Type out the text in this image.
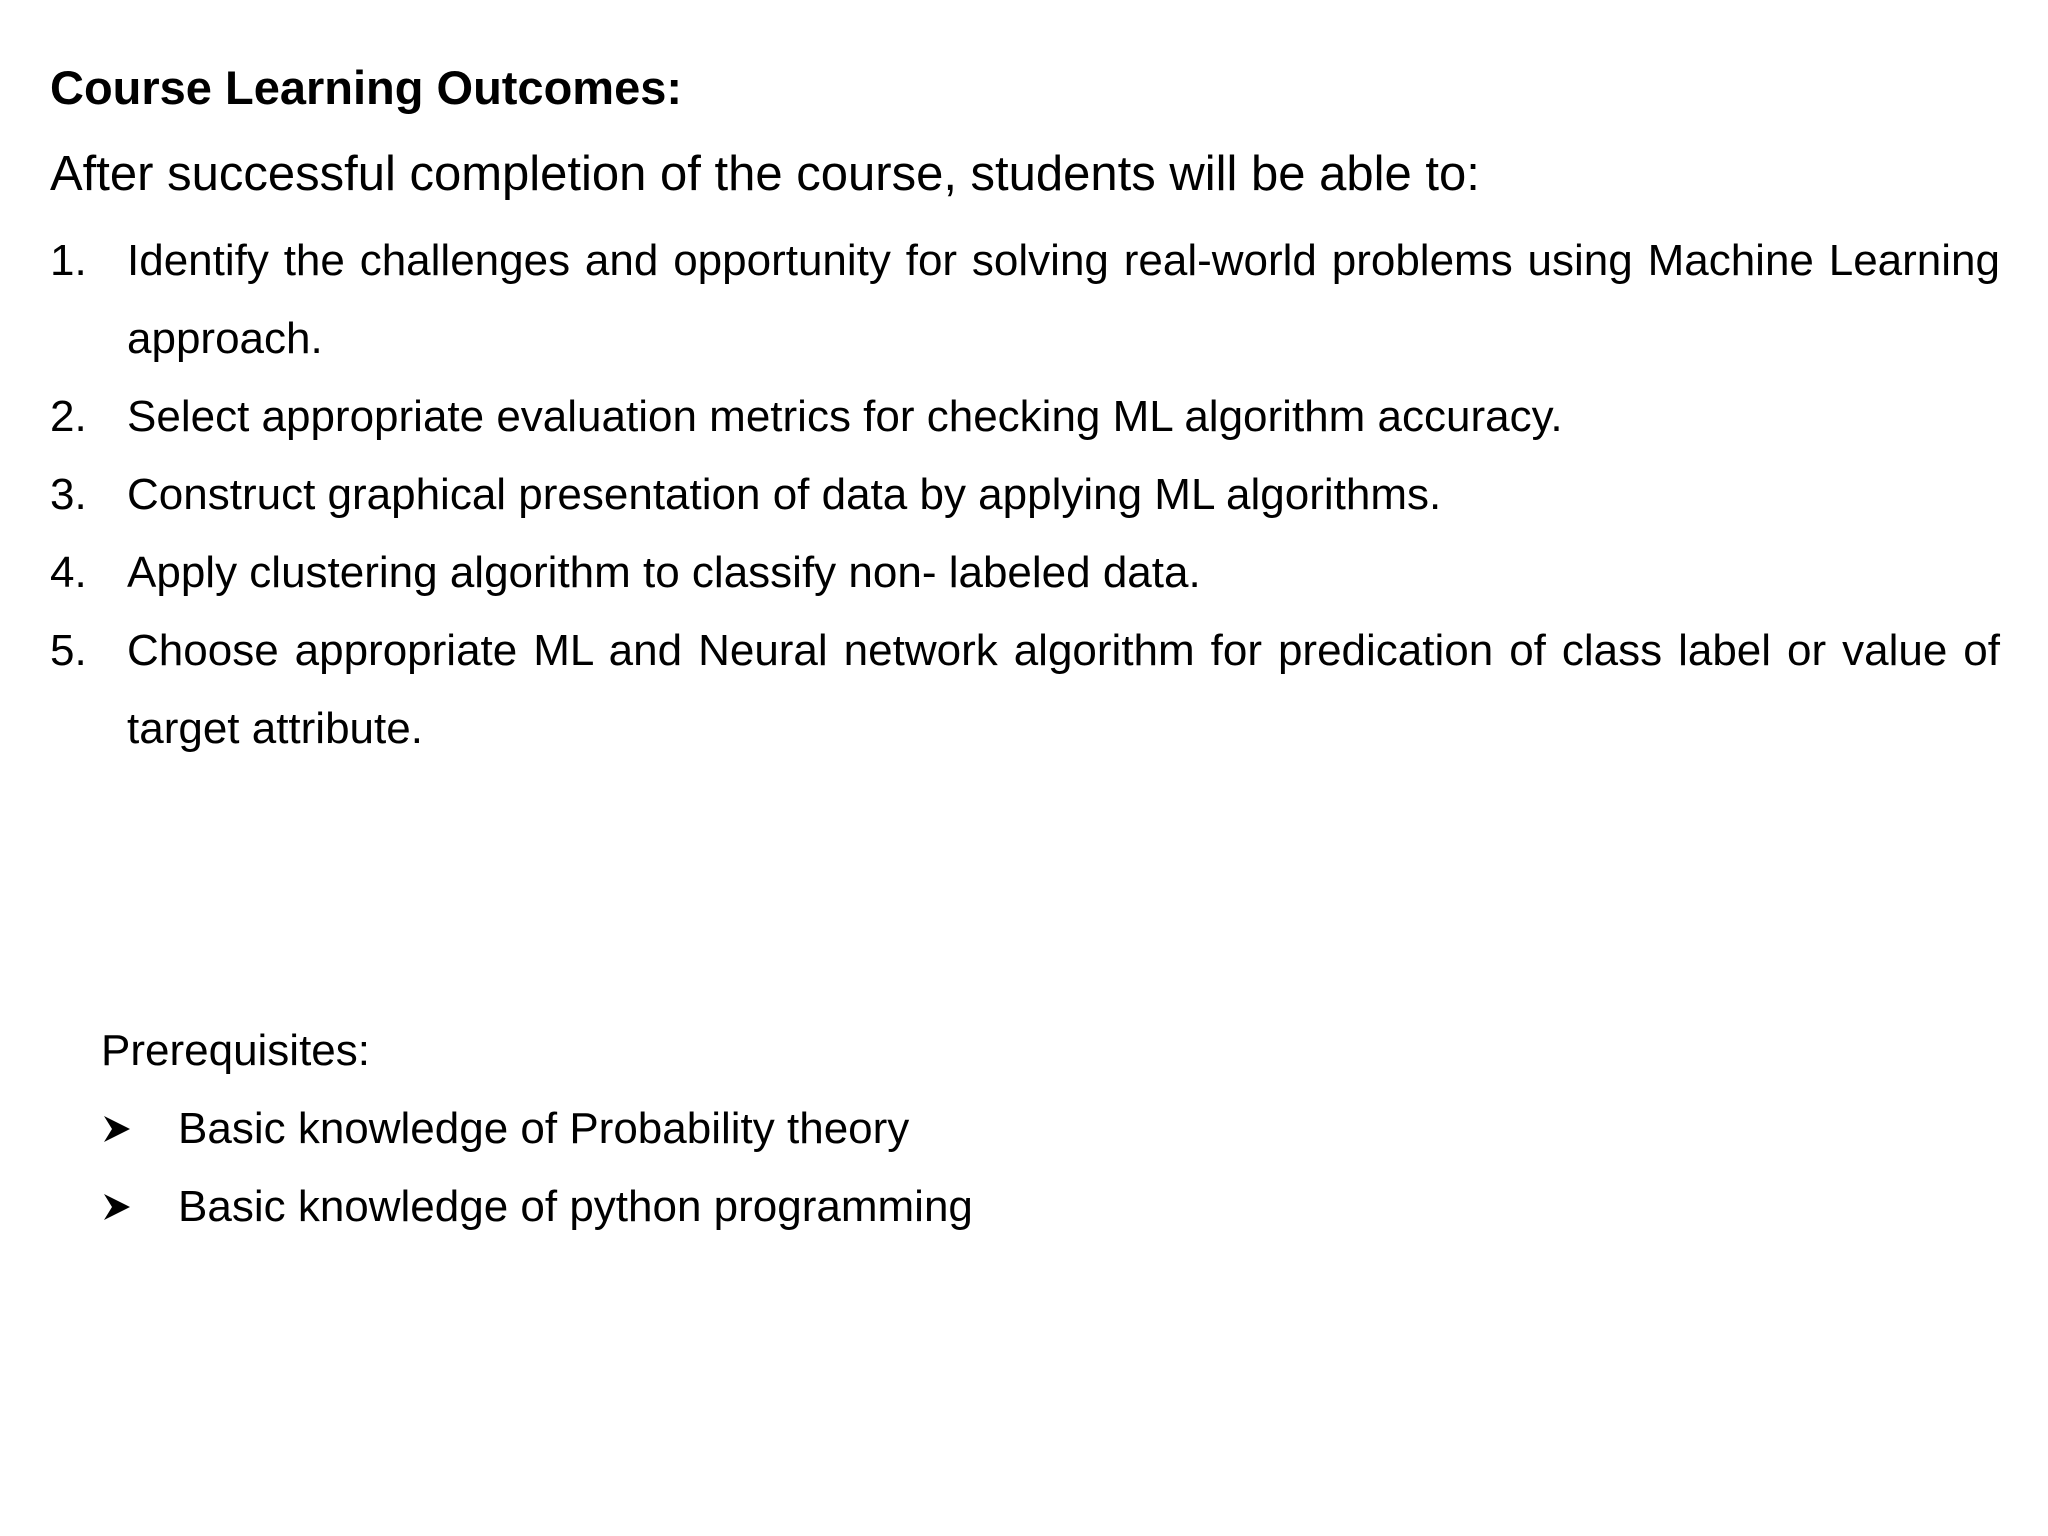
Course Learning Outcomes:
After successful completion of the course, students will be able to:
1. Identify the challenges and opportunity for solving real-world problems using Machine Learning approach.
2. Select appropriate evaluation metrics for checking ML algorithm accuracy.
3. Construct graphical presentation of data by applying ML algorithms.
4. Apply clustering algorithm to classify non- labeled data.
5. Choose appropriate ML and Neural network algorithm for predication of class label or value of target attribute.
Prerequisites:
Basic knowledge of Probability theory
Basic knowledge of python programming
